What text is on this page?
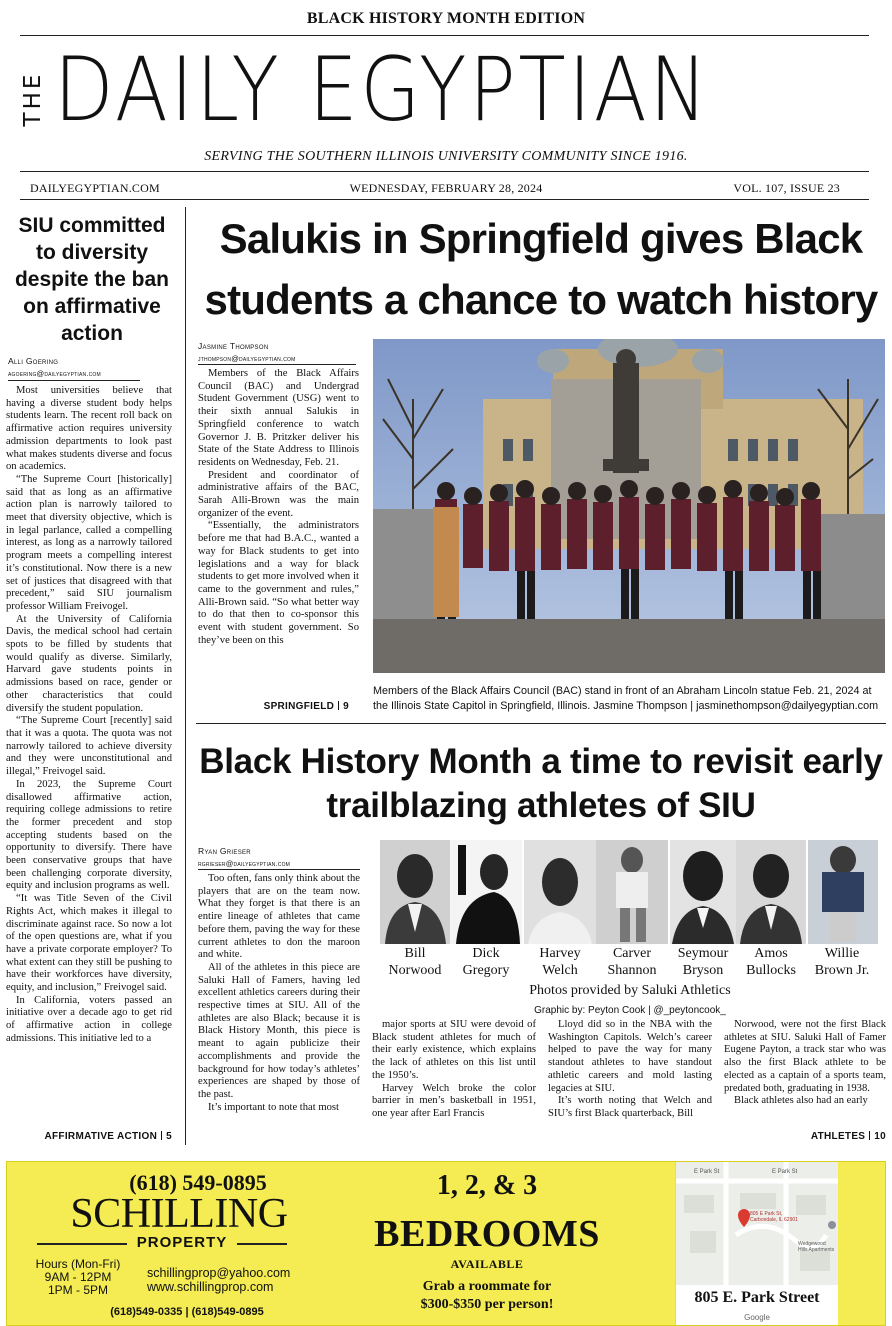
BLACK HISTORY MONTH EDITION
THE DAILY EGYPTIAN
SERVING THE SOUTHERN ILLINOIS UNIVERSITY COMMUNITY SINCE 1916.
DAILYEGYPTIAN.COM	WEDNESDAY, FEBRUARY 28, 2024	VOL. 107, ISSUE 23
SIU committed to diversity despite the ban on affirmative action
Alli Goering
agoering@dailyegyptian.com

Most universities believe that having a diverse student body helps students learn. The recent roll back on affirmative action requires university admission departments to look past what makes students diverse and focus on academics.

“The Supreme Court [historically] said that as long as an affirmative action plan is narrowly tailored to meet that diversity objective, which is in legal parlance, called a compelling interest, as long as a narrowly tailored program meets a compelling interest it’s constitutional. Now there is a new set of justices that disagreed with that precedent,” said SIU journalism professor William Freivogel.

At the University of California Davis, the medical school had certain spots to be filled by students that would qualify as diverse. Similarly, Harvard gave students points in admissions based on race, gender or other characteristics that could diversify the student population.

“The Supreme Court [recently] said that it was a quota. The quota was not narrowly tailored to achieve diversity and they were unconstitutional and illegal,” Freivogel said.

In 2023, the Supreme Court disallowed affirmative action, requiring college admissions to retire the former precedent and stop accepting students based on the opportunity to diversify. There have been conservative groups that have been challenging corporate diversity, equity and inclusion programs as well.

“It was Title Seven of the Civil Rights Act, which makes it illegal to discriminate against race. So now a lot of the open questions are, what if you have a private corporate employer? To what extent can they still be pushing to have their workforces have diversity, equity, and inclusion,” Freivogel said.

In California, voters passed an initiative over a decade ago to get rid of affirmative action in college admissions. This initiative led to a

AFFIRMATIVE ACTION 5
Salukis in Springfield gives Black students a chance to watch history
Jasmine Thompson
jthompson@dailyegyptian.com

Members of the Black Affairs Council (BAC) and Undergrad Student Government (USG) went to their sixth annual Salukis in Springfield conference to watch Governor J. B. Pritzker deliver his State of the State Address to Illinois residents on Wednesday, Feb. 21.

President and coordinator of administrative affairs of the BAC, Sarah Alli-Brown was the main organizer of the event.

“Essentially, the administrators before me that had B.A.C., wanted a way for Black students to get into legislations and a way for black students to get more involved when it came to the government and rules,” Alli-Brown said. “So what better way to do that then to co-sponsor this event with student government. So they’ve been on this

SPRINGFIELD 9
Members of the Black Affairs Council (BAC) stand in front of an Abraham Lincoln statue Feb. 21, 2024 at the Illinois State Capitol in Springfield, Illinois. Jasmine Thompson | jasminethompson@dailyegyptian.com
Black History Month a time to revisit early trailblazing athletes of SIU
Ryan Grieser
rgrieser@dailyegyptian.com

Too often, fans only think about the players that are on the team now. What they forget is that there is an entire lineage of athletes that came before them, paving the way for these current athletes to don the maroon and white.

All of the athletes in this piece are Saluki Hall of Famers, having led excellent athletics careers during their respective times at SIU. All of the athletes are also Black; because it is Black History Month, this piece is meant to again publicize their accomplishments and provide the background for how today’s athletes’ experiences are shaped by those of the past.

It’s important to note that most

major sports at SIU were devoid of Black student athletes for much of their early existence, which explains the lack of athletes on this list until the 1950’s.

Harvey Welch broke the color barrier in men’s basketball in 1951, one year after Earl Francis

Lloyd did so in the NBA with the Washington Capitols. Welch’s career helped to pave the way for many standout athletes to have standout athletic careers and mold lasting legacies at SIU.

It’s worth noting that Welch and SIU’s first Black quarterback, Bill

Norwood, were not the first Black athletes at SIU. Saluki Hall of Famer Eugene Payton, a track star who was also the first Black athlete to be elected as a captain of a sports team, predated both, graduating in 1938.

Black athletes also had an early

ATHLETES 10
Bill
Norwood
Dick
Gregory
Harvey
Welch
Carver
Shannon
Seymour
Bryson
Amos
Bullocks
Willie
Brown Jr.
Photos provided by Saluki Athletics
Graphic by: Peyton Cook | @_peytoncook_
(618) 549-0895
SCHILLING
PROPERTY
Hours (Mon-Fri)
9AM - 12PM
1PM - 5PM
schillingprop@yahoo.com
www.schillingprop.com
(618)549-0335 | (618)549-0895
1, 2, & 3
BEDROOMS
AVAILABLE
Grab a roommate for
$300-$350 per person!
E Park St	E Park St
805 E Park St, Carbondale, IL 62901
Wedgewood Hills Apartments
805 E. Park Street
Google
